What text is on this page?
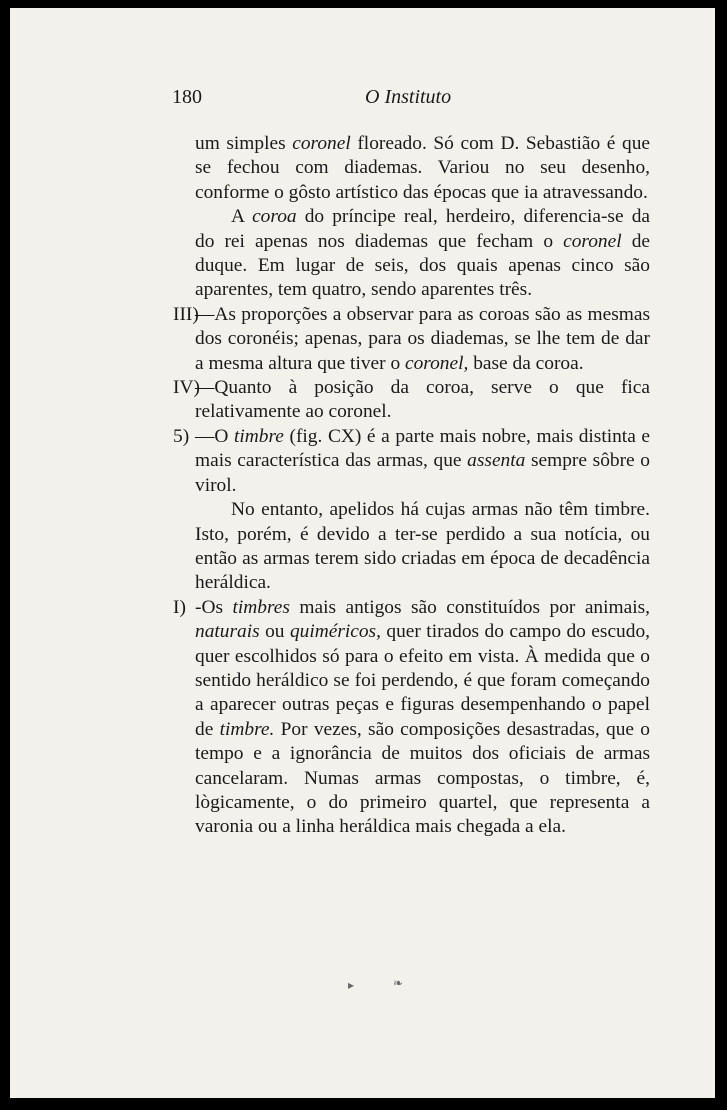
180	O Instituto

um simples coronel floreado. Só com D. Sebastião é que se fechou com diademas. Variou no seu desenho, conforme o gôsto artístico das épocas que ia atravessando.

A coroa do príncipe real, herdeiro, diferencia-se da do rei apenas nos diademas que fecham o coronel de duque. Em lugar de seis, dos quais apenas cinco são aparentes, tem quatro, sendo aparentes três.

III)
—As proporções a observar para as coroas são as mesmas dos coronéis; apenas, para os diademas, se lhe tem de dar a mesma altura que tiver o coronel, base da coroa.

IV)
—Quanto à posição da coroa, serve o que fica relativamente ao coronel.

5) —O timbre (fig. CX) é a parte mais nobre, mais distinta e mais característica das armas, que assenta sempre sôbre o virol.

No entanto, apelidos há cujas armas não têm timbre. Isto, porém, é devido a ter-se perdido a sua notícia, ou então as armas terem sido criadas em época de decadência heráldica.

I) -Os timbres mais antigos são constituídos por animais, naturais ou quiméricos, quer tirados do campo do escudo, quer escolhidos só para o efeito em vista. À medida que o sentido heráldico se foi perdendo, é que foram começando a aparecer outras peças e figuras desempenhando o papel de timbre. Por vezes, são composições desastradas, que o tempo e a ignorância de muitos dos oficiais de armas cancelaram. Numas armas compostas, o timbre, é, lògicamente, o do primeiro quartel, que representa a varonia ou a linha heráldica mais chegada a ela.

▸	❧
